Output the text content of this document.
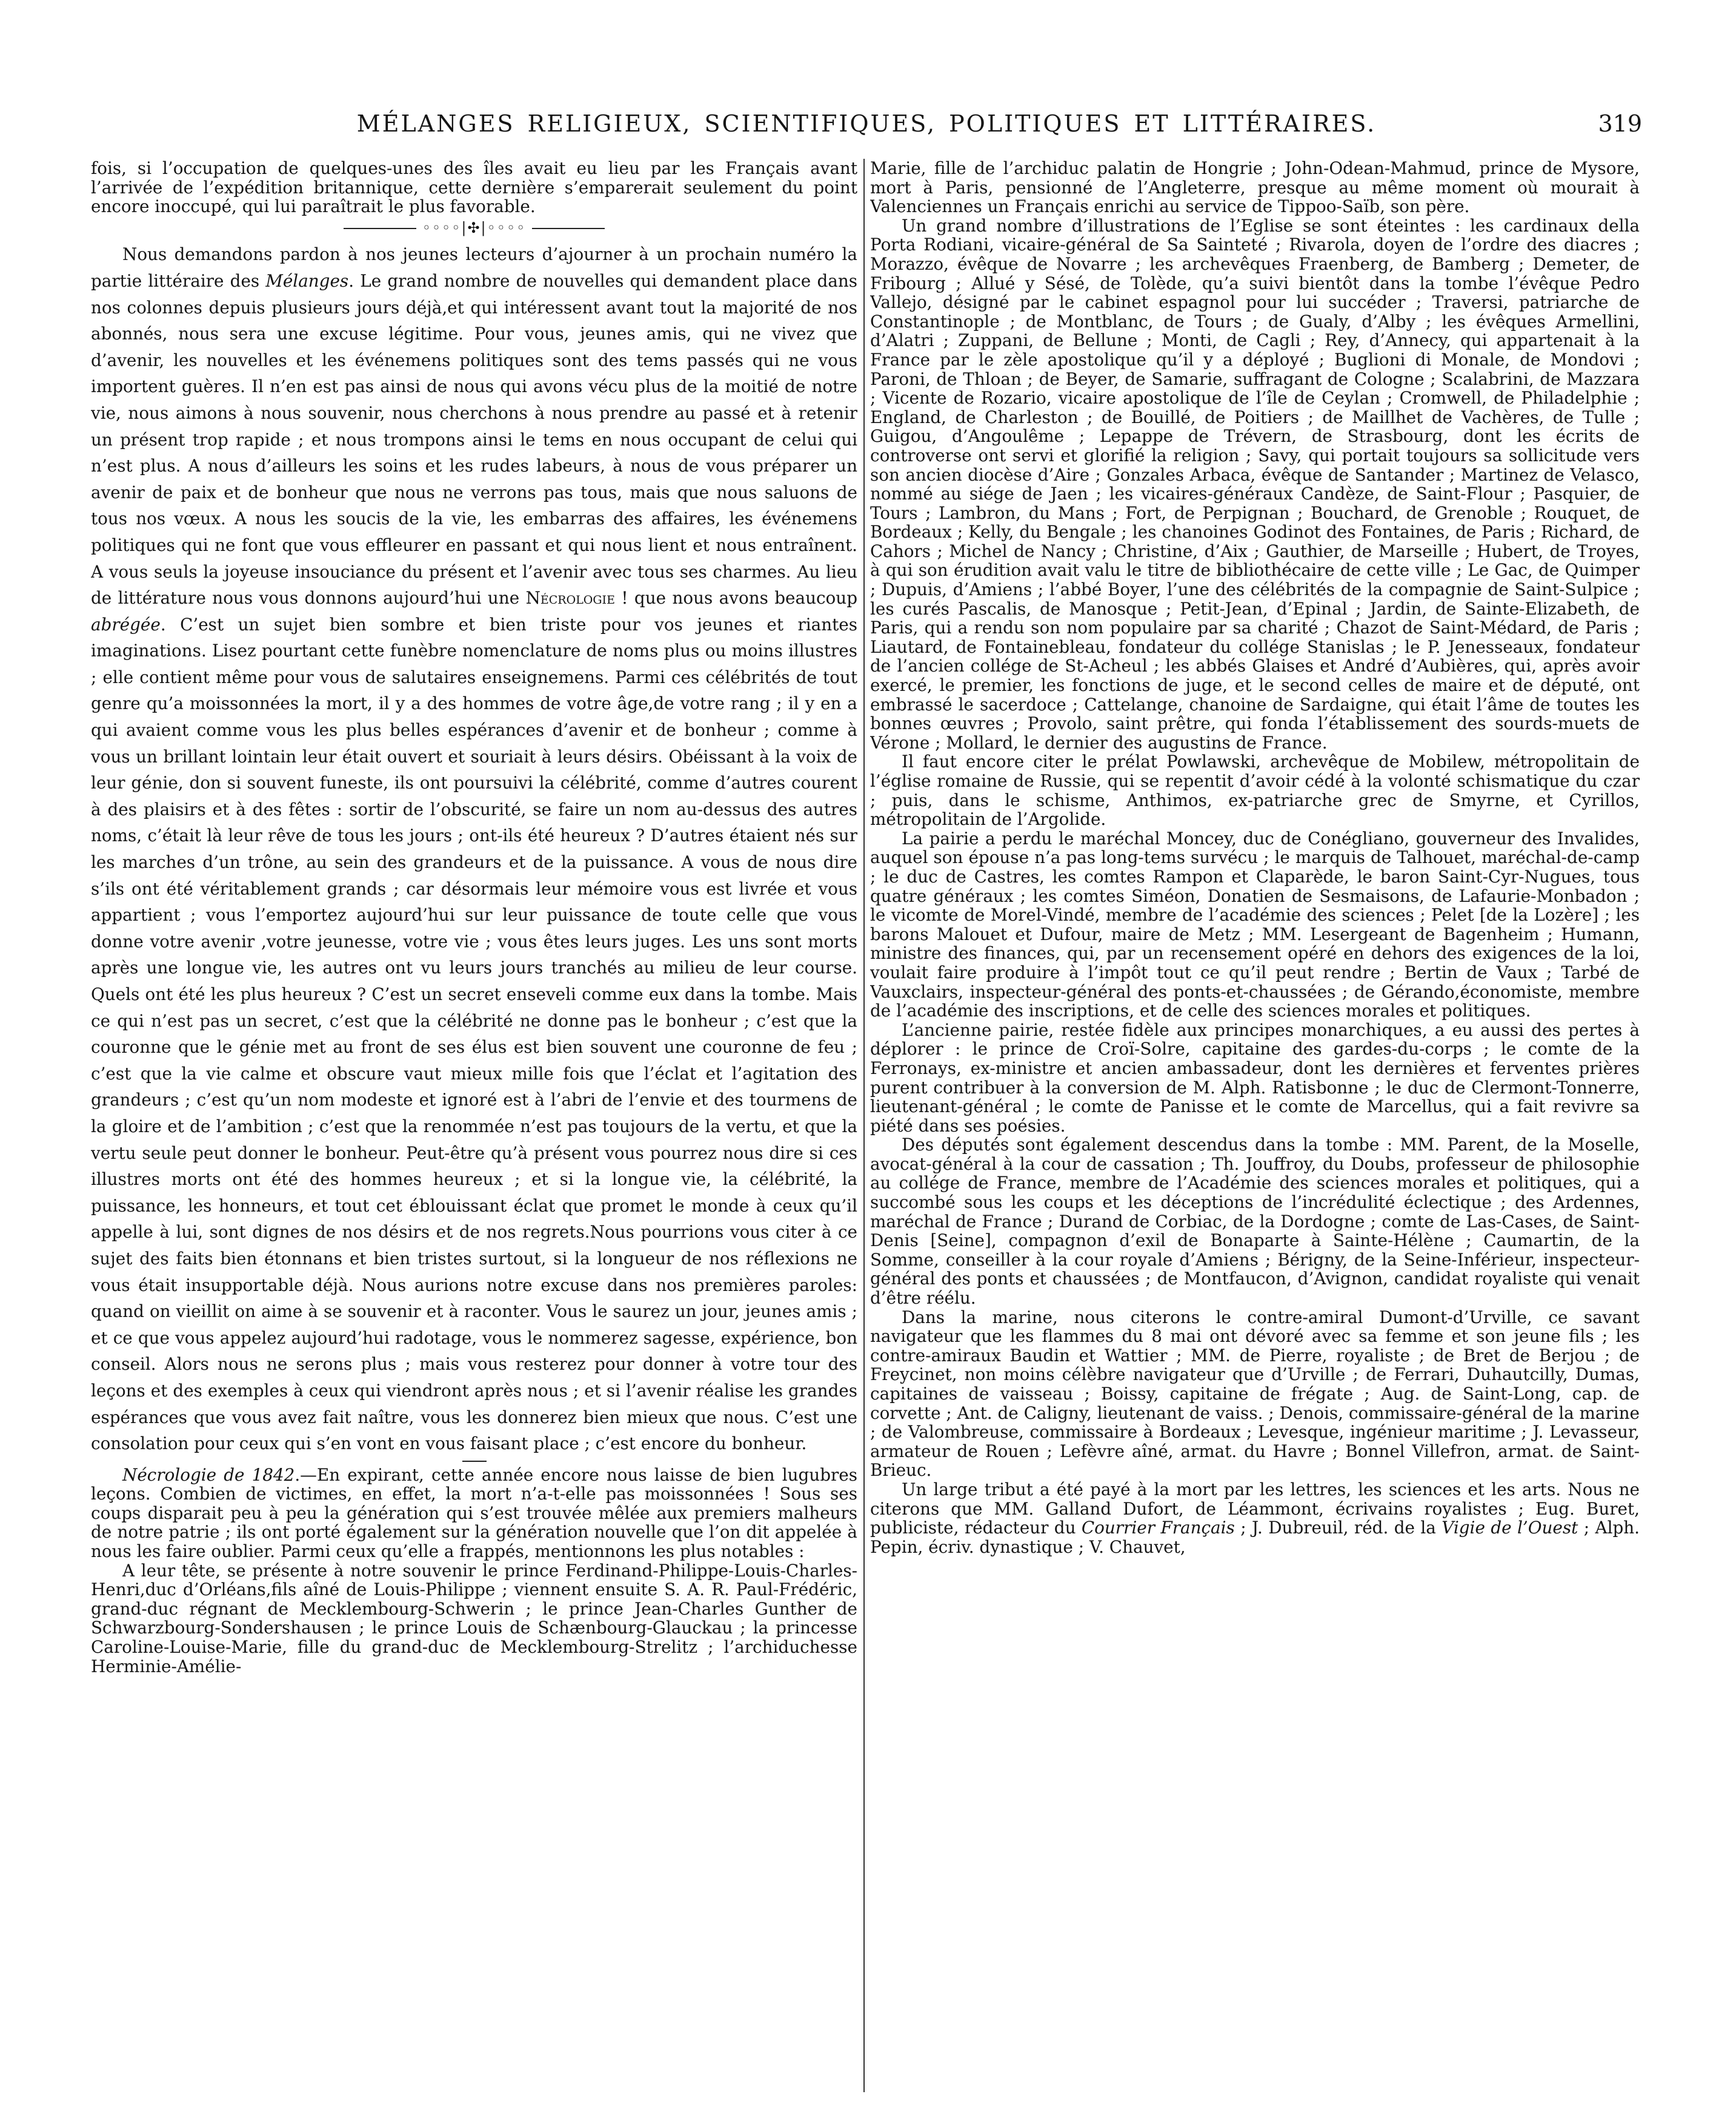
MÉLANGES RELIGIEUX, SCIENTIFIQUES, POLITIQUES ET LITTÉRAIRES.	319

fois, si l’occupation de quelques-unes des îles avait eu lieu par les Français avant l’arrivée de l’expédition britannique, cette dernière s’emparerait seulement du point encore inoccupé, qui lui paraîtrait le plus favorable.

◦◦◦◦|✣|◦◦◦◦

Nous demandons pardon à nos jeunes lecteurs d’ajourner à un prochain numéro la partie littéraire des Mélanges. Le grand nombre de nouvelles qui demandent place dans nos colonnes depuis plusieurs jours déjà,et qui intéressent avant tout la majorité de nos abonnés, nous sera une excuse légitime. Pour vous, jeunes amis, qui ne vivez que d’avenir, les nouvelles et les événemens politiques sont des tems passés qui ne vous importent guères. Il n’en est pas ainsi de nous qui avons vécu plus de la moitié de notre vie, nous aimons à nous souvenir, nous cherchons à nous prendre au passé et à retenir un présent trop rapide ; et nous trompons ainsi le tems en nous occupant de celui qui n’est plus. A nous d’ailleurs les soins et les rudes labeurs, à nous de vous préparer un avenir de paix et de bonheur que nous ne verrons pas tous, mais que nous saluons de tous nos vœux. A nous les soucis de la vie, les embarras des affaires, les événemens politiques qui ne font que vous effleurer en passant et qui nous lient et nous entraînent. A vous seuls la joyeuse insouciance du présent et l’avenir avec tous ses charmes. Au lieu de littérature nous vous donnons aujourd’hui une Nécrologie ! que nous avons beaucoup abrégée. C’est un sujet bien sombre et bien triste pour vos jeunes et riantes imaginations. Lisez pourtant cette funèbre nomenclature de noms plus ou moins illustres ; elle contient même pour vous de salutaires enseignemens. Parmi ces célébrités de tout genre qu’a moissonnées la mort, il y a des hommes de votre âge,de votre rang ; il y en a qui avaient comme vous les plus belles espérances d’avenir et de bonheur ; comme à vous un brillant lointain leur était ouvert et souriait à leurs désirs. Obéissant à la voix de leur génie, don si souvent funeste, ils ont poursuivi la célébrité, comme d’autres courent à des plaisirs et à des fêtes : sortir de l’obscurité, se faire un nom au-dessus des autres noms, c’était là leur rêve de tous les jours ; ont-ils été heureux ? D’autres étaient nés sur les marches d’un trône, au sein des grandeurs et de la puissance. A vous de nous dire s’ils ont été véritablement grands ; car désormais leur mémoire vous est livrée et vous appartient ; vous l’emportez aujourd’hui sur leur puissance de toute celle que vous donne votre avenir ,votre jeunesse, votre vie ; vous êtes leurs juges. Les uns sont morts après une longue vie, les autres ont vu leurs jours tranchés au milieu de leur course. Quels ont été les plus heureux ? C’est un secret enseveli comme eux dans la tombe. Mais ce qui n’est pas un secret, c’est que la célébrité ne donne pas le bonheur ; c’est que la couronne que le génie met au front de ses élus est bien souvent une couronne de feu ; c’est que la vie calme et obscure vaut mieux mille fois que l’éclat et l’agitation des grandeurs ; c’est qu’un nom modeste et ignoré est à l’abri de l’envie et des tourmens de la gloire et de l’ambition ; c’est que la renommée n’est pas toujours de la vertu, et que la vertu seule peut donner le bonheur. Peut-être qu’à présent vous pourrez nous dire si ces illustres morts ont été des hommes heureux ; et si la longue vie, la célébrité, la puissance, les honneurs, et tout cet éblouissant éclat que promet le monde à ceux qu’il appelle à lui, sont dignes de nos désirs et de nos regrets.Nous pourrions vous citer à ce sujet des faits bien étonnans et bien tristes surtout, si la longueur de nos réflexions ne vous était insupportable déjà. Nous aurions notre excuse dans nos premières paroles: quand on vieillit on aime à se souvenir et à raconter. Vous le saurez un jour, jeunes amis ; et ce que vous appelez aujourd’hui radotage, vous le nommerez sagesse, expérience, bon conseil. Alors nous ne serons plus ; mais vous resterez pour donner à votre tour des leçons et des exemples à ceux qui viendront après nous ; et si l’avenir réalise les grandes espérances que vous avez fait naître, vous les donnerez bien mieux que nous. C’est une consolation pour ceux qui s’en vont en vous faisant place ; c’est encore du bonheur.

Nécrologie de 1842.—En expirant, cette année encore nous laisse de bien lugubres leçons. Combien de victimes, en effet, la mort n’a-t-elle pas moissonnées ! Sous ses coups disparait peu à peu la génération qui s’est trouvée mêlée aux premiers malheurs de notre patrie ; ils ont porté également sur la génération nouvelle que l’on dit appelée à nous les faire oublier. Parmi ceux qu’elle a frappés, mentionnons les plus notables :

A leur tête, se présente à notre souvenir le prince Ferdinand-Philippe-Louis-Charles-Henri,duc d’Orléans,fils aîné de Louis-Philippe ; viennent ensuite S. A. R. Paul-Frédéric, grand-duc régnant de Mecklembourg-Schwerin ; le prince Jean-Charles Gunther de Schwarzbourg-Sondershausen ; le prince Louis de Schænbourg-Glauckau ; la princesse Caroline-Louise-Marie, fille du grand-duc de Mecklembourg-Strelitz ; l’archiduchesse Herminie-Amélie-

Marie, fille de l’archiduc palatin de Hongrie ; John-Odean-Mahmud, prince de Mysore, mort à Paris, pensionné de l’Angleterre, presque au même moment où mourait à Valenciennes un Français enrichi au service de Tippoo-Saïb, son père.

Un grand nombre d’illustrations de l’Eglise se sont éteintes : les cardinaux della Porta Rodiani, vicaire-général de Sa Sainteté ; Rivarola, doyen de l’ordre des diacres ; Morazzo, évêque de Novarre ; les archevêques Fraenberg, de Bamberg ; Demeter, de Fribourg ; Allué y Sésé, de Tolède, qu’a suivi bientôt dans la tombe l’évêque Pedro Vallejo, désigné par le cabinet espagnol pour lui succéder ; Traversi, patriarche de Constantinople ; de Montblanc, de Tours ; de Gualy, d’Alby ; les évêques Armellini, d’Alatri ; Zuppani, de Bellune ; Monti, de Cagli ; Rey, d’Annecy, qui appartenait à la France par le zèle apostolique qu’il y a déployé ; Buglioni di Monale, de Mondovi ; Paroni, de Thloan ; de Beyer, de Samarie, suffragant de Cologne ; Scalabrini, de Mazzara ; Vicente de Rozario, vicaire apostolique de l’île de Ceylan ; Cromwell, de Philadelphie ; England, de Charleston ; de Bouillé, de Poitiers ; de Maillhet de Vachères, de Tulle ; Guigou, d’Angoulême ; Lepappe de Trévern, de Strasbourg, dont les écrits de controverse ont servi et glorifié la religion ; Savy, qui portait toujours sa sollicitude vers son ancien diocèse d’Aire ; Gonzales Arbaca, évêque de Santander ; Martinez de Velasco, nommé au siége de Jaen ; les vicaires-généraux Candèze, de Saint-Flour ; Pasquier, de Tours ; Lambron, du Mans ; Fort, de Perpignan ; Bouchard, de Grenoble ; Rouquet, de Bordeaux ; Kelly, du Bengale ; les chanoines Godinot des Fontaines, de Paris ; Richard, de Cahors ; Michel de Nancy ; Christine, d’Aix ; Gauthier, de Marseille ; Hubert, de Troyes, à qui son érudition avait valu le titre de bibliothécaire de cette ville ; Le Gac, de Quimper ; Dupuis, d’Amiens ; l’abbé Boyer, l’une des célébrités de la compagnie de Saint-Sulpice ; les curés Pascalis, de Manosque ; Petit-Jean, d’Epinal ; Jardin, de Sainte-Elizabeth, de Paris, qui a rendu son nom populaire par sa charité ; Chazot de Saint-Médard, de Paris ; Liautard, de Fontainebleau, fondateur du collége Stanislas ; le P. Jenesseaux, fondateur de l’ancien collége de St-Acheul ; les abbés Glaises et André d’Aubières, qui, après avoir exercé, le premier, les fonctions de juge, et le second celles de maire et de député, ont embrassé le sacerdoce ; Cattelange, chanoine de Sardaigne, qui était l’âme de toutes les bonnes œuvres ; Provolo, saint prêtre, qui fonda l’établissement des sourds-muets de Vérone ; Mollard, le dernier des augustins de France.

Il faut encore citer le prélat Powlawski, archevêque de Mobilew, métropolitain de l’église romaine de Russie, qui se repentit d’avoir cédé à la volonté schismatique du czar ; puis, dans le schisme, Anthimos, ex-patriarche grec de Smyrne, et Cyrillos, métropolitain de l’Argolide.

La pairie a perdu le maréchal Moncey, duc de Conégliano, gouverneur des Invalides, auquel son épouse n’a pas long-tems survécu ; le marquis de Talhouet, maréchal-de-camp ; le duc de Castres, les comtes Rampon et Claparède, le baron Saint-Cyr-Nugues, tous quatre généraux ; les comtes Siméon, Donatien de Sesmaisons, de Lafaurie-Monbadon ; le vicomte de Morel-Vindé, membre de l’académie des sciences ; Pelet [de la Lozère] ; les barons Malouet et Dufour, maire de Metz ; MM. Lesergeant de Bagenheim ; Humann, ministre des finances, qui, par un recensement opéré en dehors des exigences de la loi, voulait faire produire à l’impôt tout ce qu’il peut rendre ; Bertin de Vaux ; Tarbé de Vauxclairs, inspecteur-général des ponts-et-chaussées ; de Gérando,économiste, membre de l’académie des inscriptions, et de celle des sciences morales et politiques.

L’ancienne pairie, restée fidèle aux principes monarchiques, a eu aussi des pertes à déplorer : le prince de Croï-Solre, capitaine des gardes-du-corps ; le comte de la Ferronays, ex-ministre et ancien ambassadeur, dont les dernières et ferventes prières purent contribuer à la conversion de M. Alph. Ratisbonne ; le duc de Clermont-Tonnerre, lieutenant-général ; le comte de Panisse et le comte de Marcellus, qui a fait revivre sa piété dans ses poésies.

Des députés sont également descendus dans la tombe : MM. Parent, de la Moselle, avocat-général à la cour de cassation ; Th. Jouffroy, du Doubs, professeur de philosophie au collége de France, membre de l’Académie des sciences morales et politiques, qui a succombé sous les coups et les déceptions de l’incrédulité éclectique ; des Ardennes, maréchal de France ; Durand de Corbiac, de la Dordogne ; comte de Las-Cases, de Saint-Denis [Seine], compagnon d’exil de Bonaparte à Sainte-Hélène ; Caumartin, de la Somme, conseiller à la cour royale d’Amiens ; Bérigny, de la Seine-Inférieur, inspecteur-général des ponts et chaussées ; de Montfaucon, d’Avignon, candidat royaliste qui venait d’être réélu.

Dans la marine, nous citerons le contre-amiral Dumont-d’Urville, ce savant navigateur que les flammes du 8 mai ont dévoré avec sa femme et son jeune fils ; les contre-amiraux Baudin et Wattier ; MM. de Pierre, royaliste ; de Bret de Berjou ; de Freycinet, non moins célèbre navigateur que d’Urville ; de Ferrari, Duhautcilly, Dumas, capitaines de vaisseau ; Boissy, capitaine de frégate ; Aug. de Saint-Long, cap. de corvette ; Ant. de Caligny, lieutenant de vaiss. ; Denois, commissaire-général de la marine ; de Valombreuse, commissaire à Bordeaux ; Levesque, ingénieur maritime ; J. Levasseur, armateur de Rouen ; Lefèvre aîné, armat. du Havre ; Bonnel Villefron, armat. de Saint-Brieuc.

Un large tribut a été payé à la mort par les lettres, les sciences et les arts. Nous ne citerons que MM. Galland Dufort, de Léammont, écrivains royalistes ; Eug. Buret, publiciste, rédacteur du Courrier Français ; J. Dubreuil, réd. de la Vigie de l’Ouest ; Alph. Pepin, écriv. dynastique ; V. Chauvet,
